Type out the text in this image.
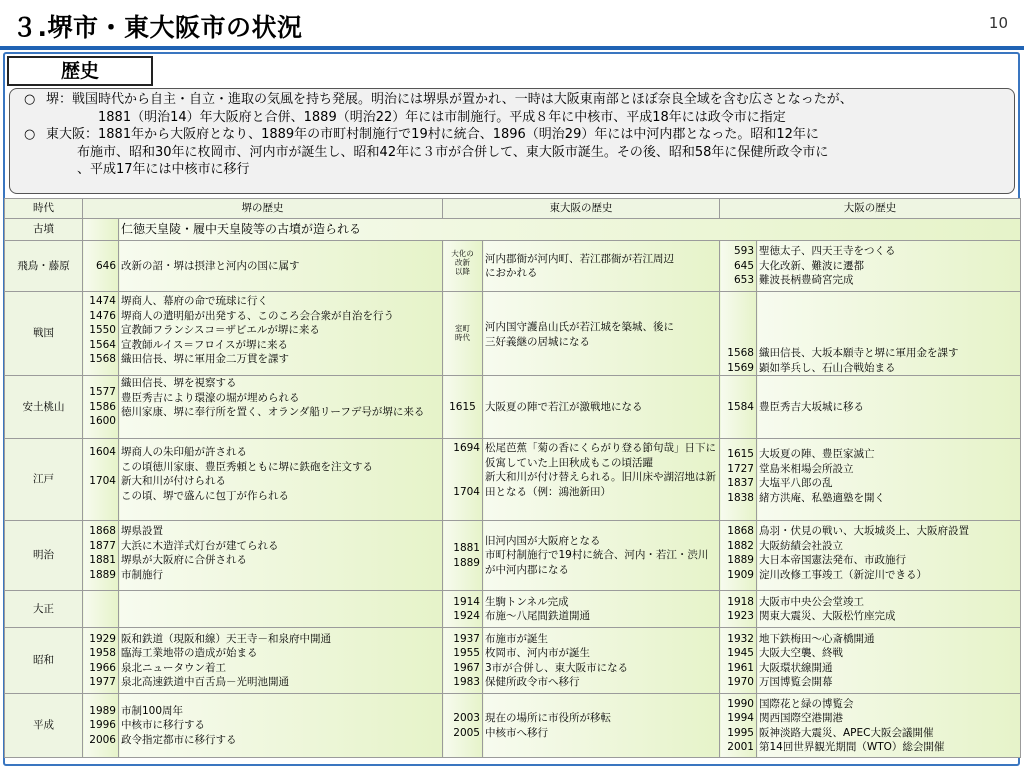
３.堺市・東大阪市の状況	10
歴史
○ 堺：戦国時代から自主・自立・進取の気風を持ち発展。明治には堺県が置かれ、一時は大阪東南部とほぼ奈良全域を含む広さとなったが、
1881（明治14）年大阪府と合併、1889（明治22）年には市制施行。平成８年に中核市、平成18年には政令市に指定
○ 東大阪：1881年から大阪府となり、1889年の市町村制施行で19村に統合、1896（明治29）年には中河内郡となった。昭和12年に
布施市、昭和30年に枚岡市、河内市が誕生し、昭和42年に３市が合併して、東大阪市誕生。その後、昭和58年に保健所政令市に
、平成17年には中核市に移行
時代	堺の歴史		東大阪の歴史		大阪の歴史	
古墳		仁徳天皇陵・履中天皇陵等の古墳が造られる				
飛鳥・藤原	646	改新の詔・堺は摂津と河内の国に属す	大化の
改新
以降	河内郡衙が河内町、若江郡衙が若江周辺
におかれる	593
645
653	聖徳太子、四天王寺をつくる
大化改新、難波に遷都
難波長柄豊碕宮完成

戦国	1474
1476
1550
1564
1568	堺商人、幕府の命で琉球に行く
堺商人の遣明船が出発する、このころ会合衆が自治を行う
宣教師フランシスコ＝ザビエルが堺に来る
宣教師ルイス＝フロイスが堺に来る
織田信長、堺に軍用金二万貫を課す	室町
時代	河内国守護畠山氏が若江城を築城、後に
三好義継の居城になる	1568
1569	織田信長、大坂本願寺と堺に軍用金を課す
顕如挙兵し、石山合戦始まる

安土桃山	1577
1586
1600	織田信長、堺を視察する
豊臣秀吉により環濠の堀が埋められる
徳川家康、堺に奉行所を置く、オランダ船リーフデ号が堺に来る	1615	大阪夏の陣で若江が激戦地になる	1584	豊臣秀吉大坂城に移る

江戸	1604
1704	堺商人の朱印船が許される
この頃徳川家康、豊臣秀頼ともに堺に鉄砲を注文する
新大和川が付けられる
この頃、堺で盛んに包丁が作られる	1694
1704	松尾芭蕉「菊の香にくらがり登る節句哉」日下に仮寓していた上田秋成もこの頃活躍
新大和川が付け替えられる。旧川床や湖沼地は新田となる（例：鴻池新田）	1615
1727
1837
1838	大坂夏の陣、豊臣家滅亡
堂島米相場会所設立
大塩平八郎の乱
緒方洪庵、私塾適塾を開く

明治	1868
1877
1881
1889	堺県設置
大浜に木造洋式灯台が建てられる
堺県が大阪府に合併される
市制施行	1881
1889	旧河内国が大阪府となる
市町村制施行で19村に統合、河内・若江・渋川が中河内郡になる	1868
1882
1889
1909	鳥羽・伏見の戦い、大坂城炎上、大阪府設置
大阪紡績会社設立
大日本帝国憲法発布、市政施行
淀川改修工事竣工（新淀川できる）

大正			1914
1924	生駒トンネル完成
布施～八尾間鉄道開通	1918
1923	大阪市中央公会堂竣工
関東大震災、大阪松竹座完成

昭和	1929
1958
1966
1977	阪和鉄道（現阪和線）天王寺－和泉府中開通
臨海工業地帯の造成が始まる
泉北ニュータウン着工
泉北高速鉄道中百舌鳥－光明池開通	1937
1955
1967
1983	布施市が誕生
枚岡市、河内市が誕生
3市が合併し、東大阪市になる
保健所政令市へ移行	1932
1945
1961
1970	地下鉄梅田～心斎橋開通
大阪大空襲、終戦
大阪環状線開通
万国博覧会開幕

平成	1989
1996
2006	市制100周年
中核市に移行する
政令指定都市に移行する	2003
2005	現在の場所に市役所が移転
中核市へ移行	1990
1994
1995
2001	国際花と緑の博覧会
関西国際空港開港
阪神淡路大震災、APEC大阪会議開催
第14回世界観光期間（WTO）総会開催
